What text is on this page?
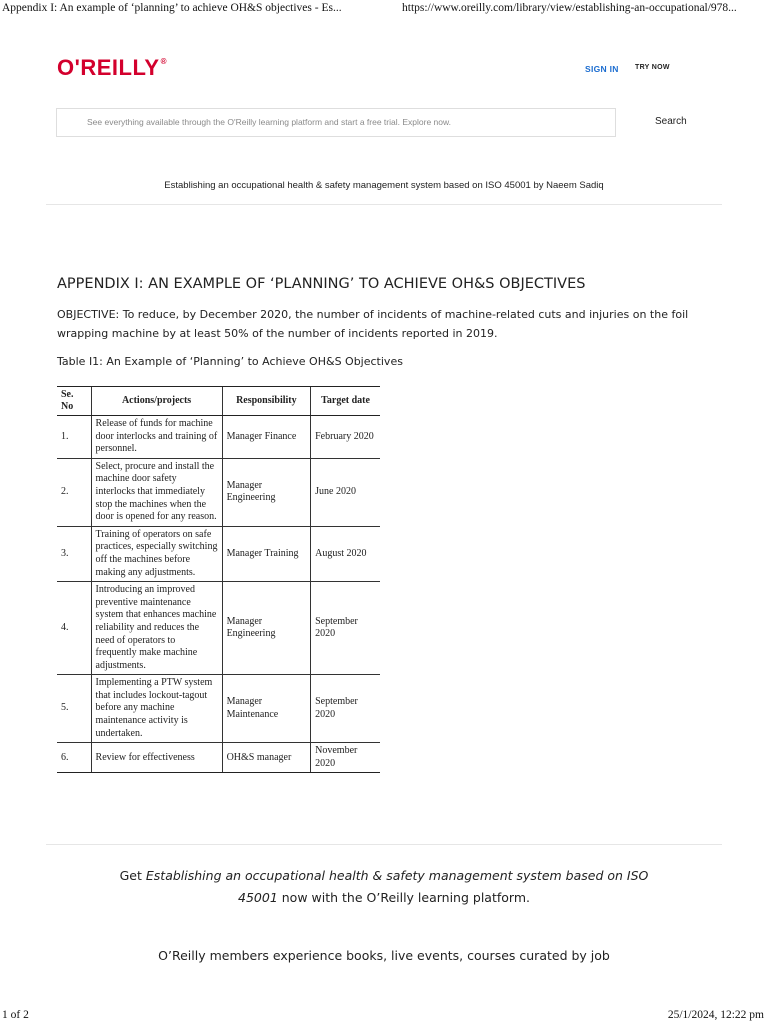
Appendix I: An example of ‘planning’ to achieve OH&S objectives - Es...	https://www.oreilly.com/library/view/establishing-an-occupational/978...
O'REILLY®
SIGN IN TRY NOW
See everything available through the O'Reilly learning platform and start a free trial. Explore now.	Search
Establishing an occupational health & safety management system based on ISO 45001 by Naeem Sadiq
APPENDIX I: AN EXAMPLE OF ‘PLANNING’ TO ACHIEVE OH&S OBJECTIVES
OBJECTIVE: To reduce, by December 2020, the number of incidents of machine-related cuts and injuries on the foil wrapping machine by at least 50% of the number of incidents reported in 2019.
Table I1: An Example of ‘Planning’ to Achieve OH&S Objectives
Se. No	Actions/projects	Responsibility	Target date
1.	Release of funds for machine door interlocks and training of personnel.	Manager Finance	February 2020
2.	Select, procure and install the machine door safety interlocks that immediately stop the machines when the door is opened for any reason.	Manager Engineering	June 2020
3.	Training of operators on safe practices, especially switching off the machines before making any adjustments.	Manager Training	August 2020
4.	Introducing an improved preventive maintenance system that enhances machine reliability and reduces the need of operators to frequently make machine adjustments.	Manager Engineering	September 2020
5.	Implementing a PTW system that includes lockout-tagout before any machine maintenance activity is undertaken.	Manager Maintenance	September 2020
6.	Review for effectiveness	OH&S manager	November 2020
Get Establishing an occupational health & safety management system based on ISO 45001 now with the O’Reilly learning platform.
O’Reilly members experience books, live events, courses curated by job
1 of 2	25/1/2024, 12:22 pm
